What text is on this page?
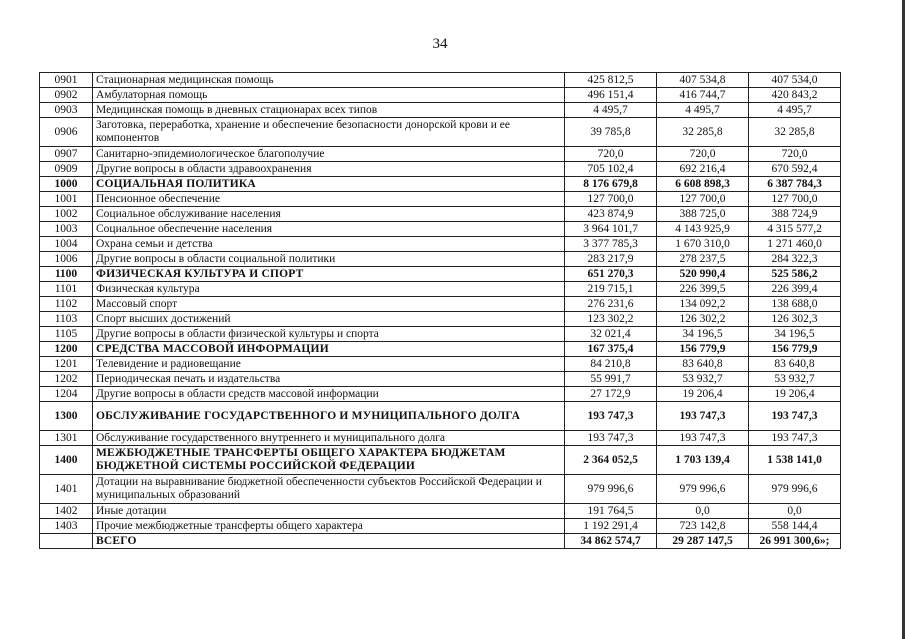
34
0901	Стационарная медицинская помощь	425 812,5	407 534,8	407 534,0
0902	Амбулаторная помощь	496 151,4	416 744,7	420 843,2
0903	Медицинская помощь в дневных стационарах всех типов	4 495,7	4 495,7	4 495,7
0906	Заготовка, переработка, хранение и обеспечение безопасности донорской крови и ее компонентов	39 785,8	32 285,8	32 285,8
0907	Санитарно-эпидемиологическое благополучие	720,0	720,0	720,0
0909	Другие вопросы в области здравоохранения	705 102,4	692 216,4	670 592,4
1000	СОЦИАЛЬНАЯ ПОЛИТИКА	8 176 679,8	6 608 898,3	6 387 784,3
1001	Пенсионное обеспечение	127 700,0	127 700,0	127 700,0
1002	Социальное обслуживание населения	423 874,9	388 725,0	388 724,9
1003	Социальное обеспечение населения	3 964 101,7	4 143 925,9	4 315 577,2
1004	Охрана семьи и детства	3 377 785,3	1 670 310,0	1 271 460,0
1006	Другие вопросы в области социальной политики	283 217,9	278 237,5	284 322,3
1100	ФИЗИЧЕСКАЯ КУЛЬТУРА И СПОРТ	651 270,3	520 990,4	525 586,2
1101	Физическая культура	219 715,1	226 399,5	226 399,4
1102	Массовый спорт	276 231,6	134 092,2	138 688,0
1103	Спорт высших достижений	123 302,2	126 302,2	126 302,3
1105	Другие вопросы в области физической культуры и спорта	32 021,4	34 196,5	34 196,5
1200	СРЕДСТВА МАССОВОЙ ИНФОРМАЦИИ	167 375,4	156 779,9	156 779,9
1201	Телевидение и радиовещание	84 210,8	83 640,8	83 640,8
1202	Периодическая печать и издательства	55 991,7	53 932,7	53 932,7
1204	Другие вопросы в области средств массовой информации	27 172,9	19 206,4	19 206,4
1300	ОБСЛУЖИВАНИЕ ГОСУДАРСТВЕННОГО И МУНИЦИПАЛЬНОГО ДОЛГА	193 747,3	193 747,3	193 747,3
1301	Обслуживание государственного внутреннего и муниципального долга	193 747,3	193 747,3	193 747,3
1400	МЕЖБЮДЖЕТНЫЕ ТРАНСФЕРТЫ ОБЩЕГО ХАРАКТЕРА БЮДЖЕТАМ БЮДЖЕТНОЙ СИСТЕМЫ РОССИЙСКОЙ ФЕДЕРАЦИИ	2 364 052,5	1 703 139,4	1 538 141,0
1401	Дотации на выравнивание бюджетной обеспеченности субъектов Российской Федерации и муниципальных образований	979 996,6	979 996,6	979 996,6
1402	Иные дотации	191 764,5	0,0	0,0
1403	Прочие межбюджетные трансферты общего характера	1 192 291,4	723 142,8	558 144,4
	ВСЕГО	34 862 574,7	29 287 147,5	26 991 300,6»;
